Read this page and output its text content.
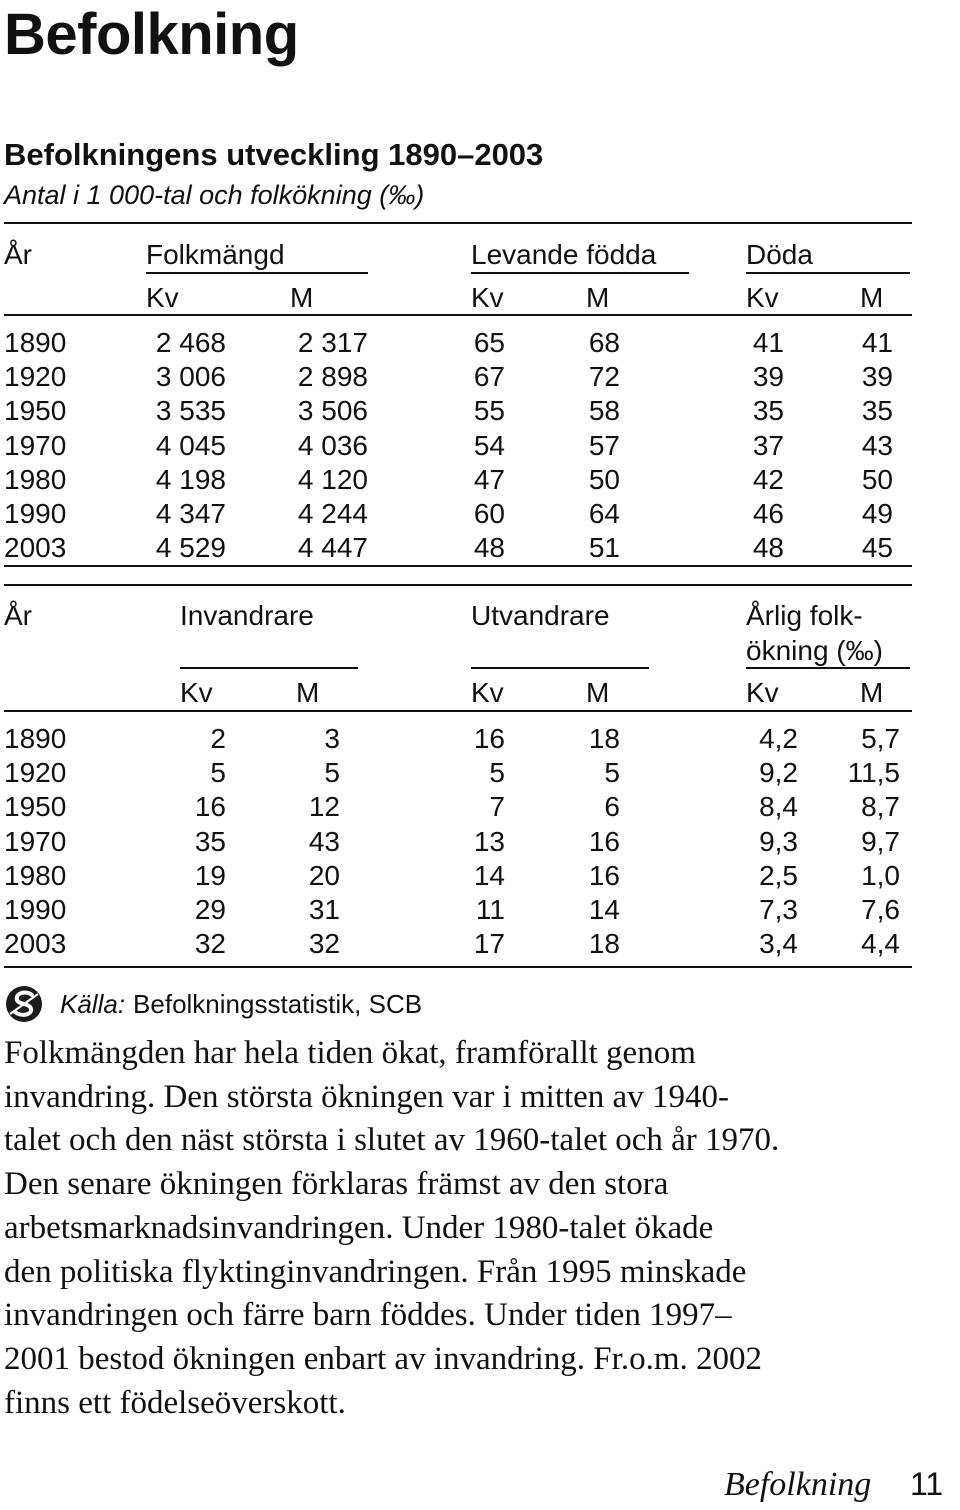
Befolkning
Befolkningens utveckling 1890–2003
Antal i 1 000-tal och folkökning (‰)
År	Folkmängd	Levande födda	Döda
Kv	M	Kv	M	Kv	M
1890	2 468	2 317	65	68	41	41
1920	3 006	2 898	67	72	39	39
1950	3 535	3 506	55	58	35	35
1970	4 045	4 036	54	57	37	43
1980	4 198	4 120	47	50	42	50
1990	4 347	4 244	60	64	46	49
2003	4 529	4 447	48	51	48	45
År	Invandrare	Utvandrare	Årlig folk-
ökning (‰)
Kv	M	Kv	M	Kv	M
1890	2	3	16	18	4,2	5,7
1920	5	5	5	5	9,2	11,5
1950	16	12	7	6	8,4	8,7
1970	35	43	13	16	9,3	9,7
1980	19	20	14	16	2,5	1,0
1990	29	31	11	14	7,3	7,6
2003	32	32	17	18	3,4	4,4
Källa: Befolkningsstatistik, SCB
Folkmängden har hela tiden ökat, framförallt genom
invandring. Den största ökningen var i mitten av 1940-
talet och den näst största i slutet av 1960-talet och år 1970.
Den senare ökningen förklaras främst av den stora
arbetsmarknadsinvandringen. Under 1980-talet ökade
den politiska flyktinginvandringen. Från 1995 minskade
invandringen och färre barn föddes. Under tiden 1997–
2001 bestod ökningen enbart av invandring. Fr.o.m. 2002
finns ett födelseöverskott.
Befolkning 11
